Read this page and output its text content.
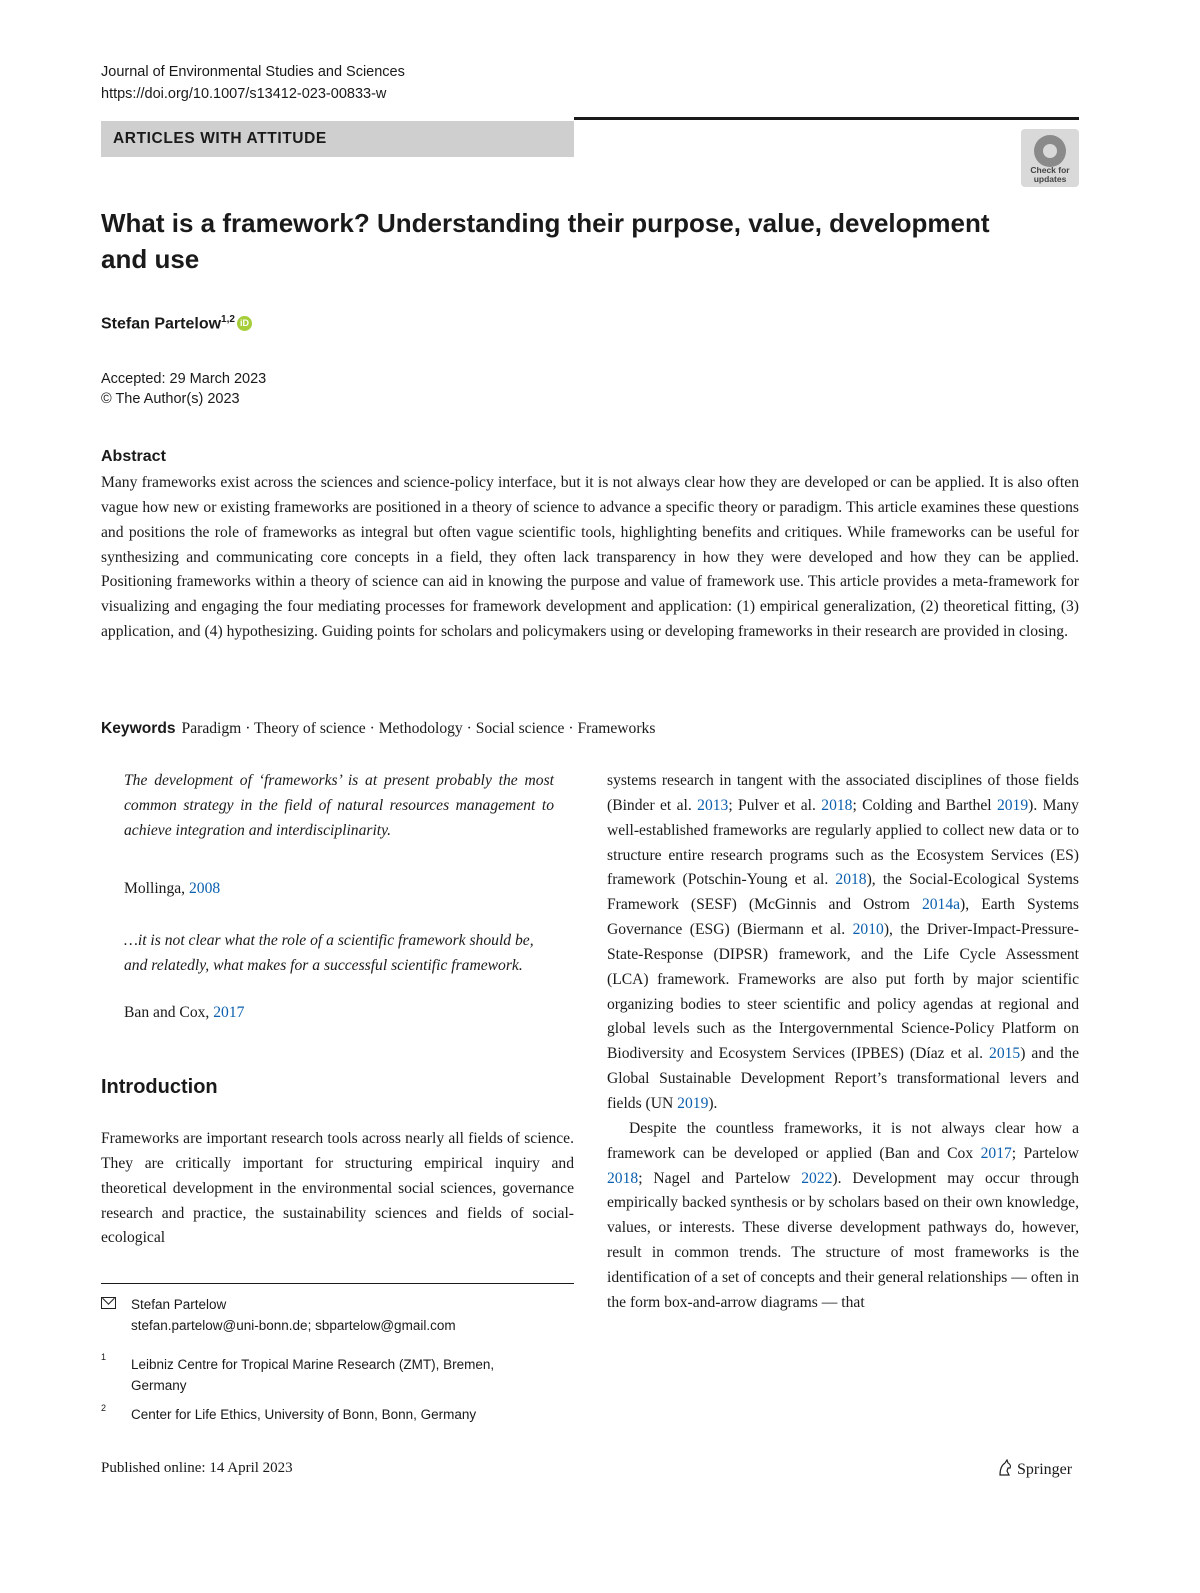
Journal of Environmental Studies and Sciences
https://doi.org/10.1007/s13412-023-00833-w
ARTICLES WITH ATTITUDE
Check for updates
What is a framework? Understanding their purpose, value, development and use
Stefan Partelow$^{1,2}$ iD
Accepted: 29 March 2023
© The Author(s) 2023
Abstract
Many frameworks exist across the sciences and science-policy interface, but it is not always clear how they are developed or can be applied. It is also often vague how new or existing frameworks are positioned in a theory of science to advance a specific theory or paradigm. This article examines these questions and positions the role of frameworks as integral but often vague scientific tools, highlighting benefits and critiques. While frameworks can be useful for synthesizing and communicating core concepts in a field, they often lack transparency in how they were developed and how they can be applied. Positioning frameworks within a theory of science can aid in knowing the purpose and value of framework use. This article provides a meta-framework for visualizing and engaging the four mediating processes for framework development and application: (1) empirical generalization, (2) theoretical fitting, (3) application, and (4) hypothesizing. Guiding points for scholars and policymakers using or developing frameworks in their research are provided in closing.
Keywords Paradigm · Theory of science · Methodology · Social science · Frameworks
The development of ‘frameworks’ is at present probably the most common strategy in the field of natural resources management to achieve integration and interdisciplinarity.
Mollinga, 2008
…it is not clear what the role of a scientific framework should be, and relatedly, what makes for a successful scientific framework.
Ban and Cox, 2017
Introduction
Frameworks are important research tools across nearly all fields of science. They are critically important for structuring empirical inquiry and theoretical development in the environmental social sciences, governance research and practice, the sustainability sciences and fields of social-ecological
Stefan Partelow
stefan.partelow@uni-bonn.de; sbpartelow@gmail.com
1 Leibniz Centre for Tropical Marine Research (ZMT), Bremen, Germany
2 Center for Life Ethics, University of Bonn, Bonn, Germany

systems research in tangent with the associated disciplines of those fields (Binder et al. 2013; Pulver et al. 2018; Colding and Barthel 2019). Many well-established frameworks are regularly applied to collect new data or to structure entire research programs such as the Ecosystem Services (ES) framework (Potschin-Young et al. 2018), the Social-Ecological Systems Framework (SESF) (McGinnis and Ostrom 2014a), Earth Systems Governance (ESG) (Biermann et al. 2010), the Driver-Impact-Pressure-State-Response (DIPSR) framework, and the Life Cycle Assessment (LCA) framework. Frameworks are also put forth by major scientific organizing bodies to steer scientific and policy agendas at regional and global levels such as the Intergovernmental Science-Policy Platform on Biodiversity and Ecosystem Services (IPBES) (Díaz et al. 2015) and the Global Sustainable Development Report’s transformational levers and fields (UN 2019).

Despite the countless frameworks, it is not always clear how a framework can be developed or applied (Ban and Cox 2017; Partelow 2018; Nagel and Partelow 2022). Development may occur through empirically backed synthesis or by scholars based on their own knowledge, values, or interests. These diverse development pathways do, however, result in common trends. The structure of most frameworks is the identification of a set of concepts and their general relationships — often in the form box-and-arrow diagrams — that

Published online: 14 April 2023	Springer
